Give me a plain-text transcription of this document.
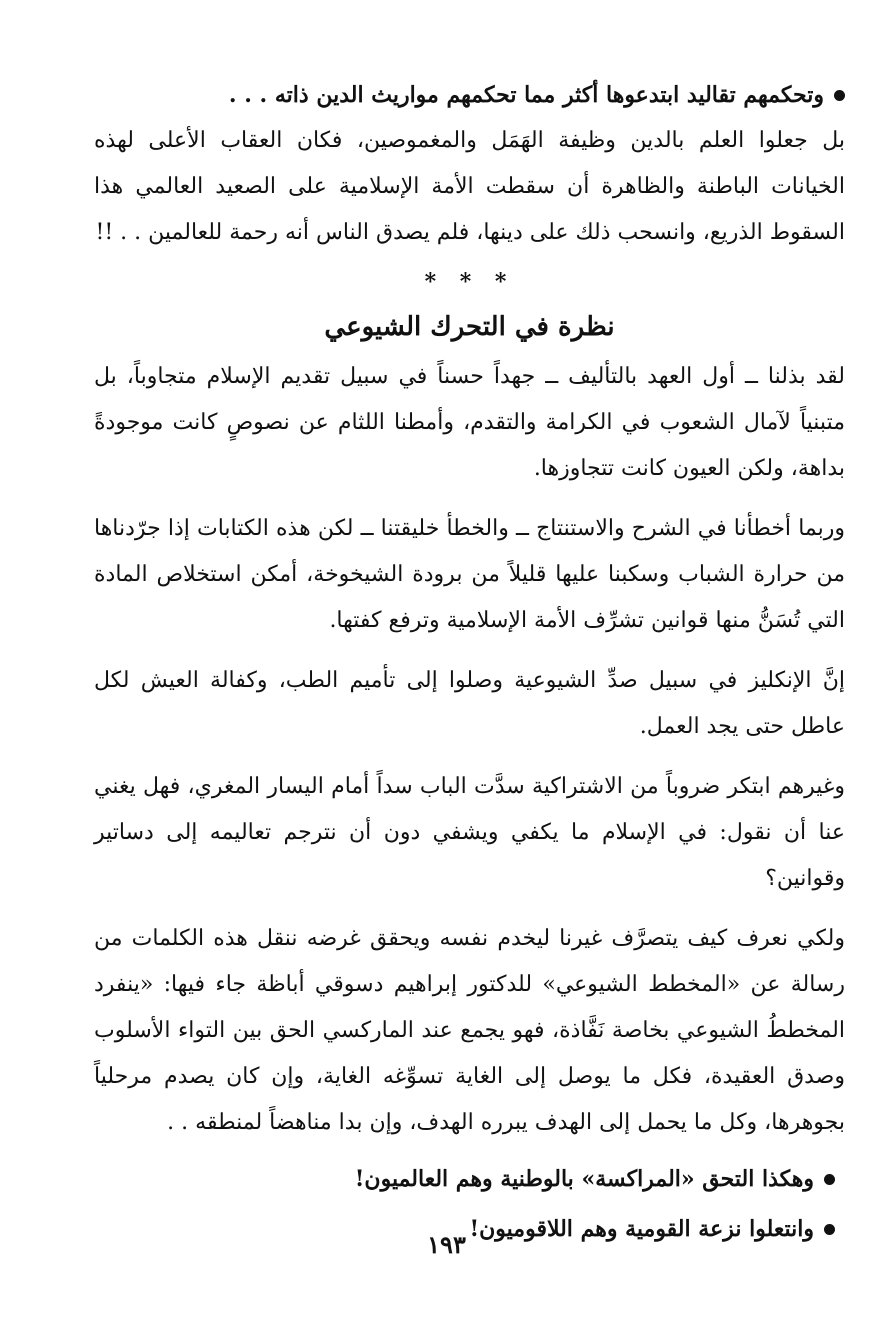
وتحكمهم تقاليد ابتدعوها أكثر مما تحكمهم مواريث الدين ذاته . . .

بل جعلوا العلم بالدين وظيفة الهَمَل والمغموصين، فكان العقاب الأعلى لهذه الخيانات الباطنة والظاهرة أن سقطت الأمة الإسلامية على الصعيد العالمي هذا السقوط الذريع، وانسحب ذلك على دينها، فلم يصدق الناس أنه رحمة للعالمين . . !!

* * *
نظرة في التحرك الشيوعي

لقد بذلنا ــ أول العهد بالتأليف ــ جهداً حسناً في سبيل تقديم الإسلام متجاوباً، بل متبنياً لآمال الشعوب في الكرامة والتقدم، وأمطنا اللثام عن نصوصٍ كانت موجودةً بداهة، ولكن العيون كانت تتجاوزها.

وربما أخطأنا في الشرح والاستنتاج ــ والخطأ خليقتنا ــ لكن هذه الكتابات إذا جرّدناها من حرارة الشباب وسكبنا عليها قليلاً من برودة الشيخوخة، أمكن استخلاص المادة التي تُسَنُّ منها قوانين تشرِّف الأمة الإسلامية وترفع كفتها.

إنَّ الإنكليز في سبيل صدِّ الشيوعية وصلوا إلى تأميم الطب، وكفالة العيش لكل عاطل حتى يجد العمل.

وغيرهم ابتكر ضروباً من الاشتراكية سدَّت الباب سداً أمام اليسار المغري، فهل يغني عنا أن نقول: في الإسلام ما يكفي ويشفي دون أن نترجم تعاليمه إلى دساتير وقوانين؟

ولكي نعرف كيف يتصرَّف غيرنا ليخدم نفسه ويحقق غرضه ننقل هذه الكلمات من رسالة عن «المخطط الشيوعي» للدكتور إبراهيم دسوقي أباظة جاء فيها: «ينفرد المخططُ الشيوعي بخاصة نَفَّاذة، فهو يجمع عند الماركسي الحق بين التواء الأسلوب وصدق العقيدة، فكل ما يوصل إلى الغاية تسوِّغه الغاية، وإن كان يصدم مرحلياً بجوهرها، وكل ما يحمل إلى الهدف يبرره الهدف، وإن بدا مناهضاً لمنطقه . .

وهكذا التحق «المراكسة» بالوطنية وهم العالميون!

وانتعلوا نزعة القومية وهم اللاقوميون!

١٩٣
